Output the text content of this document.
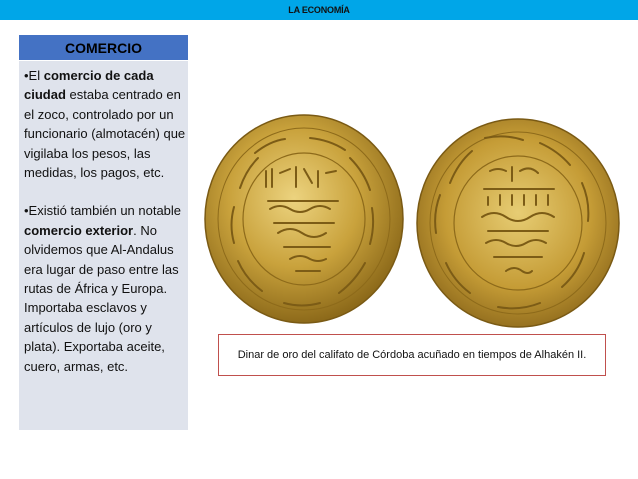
LA ECONOMÍA
COMERCIO

•El comercio de cada ciudad estaba centrado en el zoco, controlado por un funcionario (almotacén) que vigilaba los pesos, las medidas, los pagos, etc.

•Existió también un notable comercio exterior. No olvidemos que Al-Andalus era lugar de paso entre las rutas de África y Europa.

Importaba esclavos y artículos de lujo (oro y plata). Exportaba aceite, cuero, armas, etc.

Dinar de oro del califato de Córdoba acuñado en tiempos de Alhakén II.
